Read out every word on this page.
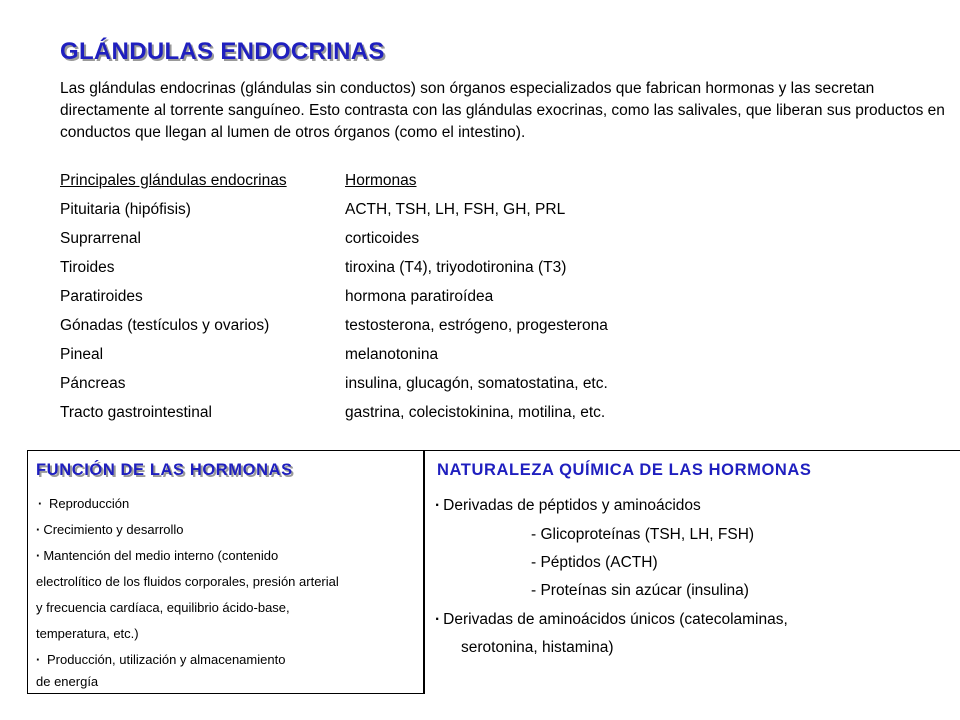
GLÁNDULAS ENDOCRINAS

Las glándulas endocrinas (glándulas sin conductos) son órganos especializados que fabrican hormonas y las secretan directamente al torrente sanguíneo. Esto contrasta con las glándulas exocrinas, como las salivales, que liberan sus productos en conductos que llegan al lumen de otros órganos (como el intestino).

Principales glándulas endocrinas	Hormonas
Pituitaria (hipófisis)	ACTH, TSH, LH, FSH, GH, PRL
Suprarrenal	corticoides
Tiroides	tiroxina (T4), triyodotironina (T3)
Paratiroides	hormona paratiroídea
Gónadas (testículos y ovarios)	testosterona, estrógeno, progesterona
Pineal	melanotonina
Páncreas	insulina, glucagón, somatostatina, etc.
Tracto gastrointestinal	gastrina, colecistokinina, motilina, etc.
FUNCIÓN DE LAS HORMONAS
· Reproducción
· Crecimiento y desarrollo
· Mantención del medio interno (contenido
electrolítico de los fluidos corporales, presión arterial
y frecuencia cardíaca, equilibrio ácido-base,
temperatura, etc.)
· Producción, utilización y almacenamiento
de energía
NATURALEZA QUÍMICA DE LAS HORMONAS
· Derivadas de péptidos y aminoácidos
- Glicoproteínas (TSH, LH, FSH)
- Péptidos (ACTH)
- Proteínas sin azúcar (insulina)
· Derivadas de aminoácidos únicos (catecolaminas,
serotonina, histamina)
